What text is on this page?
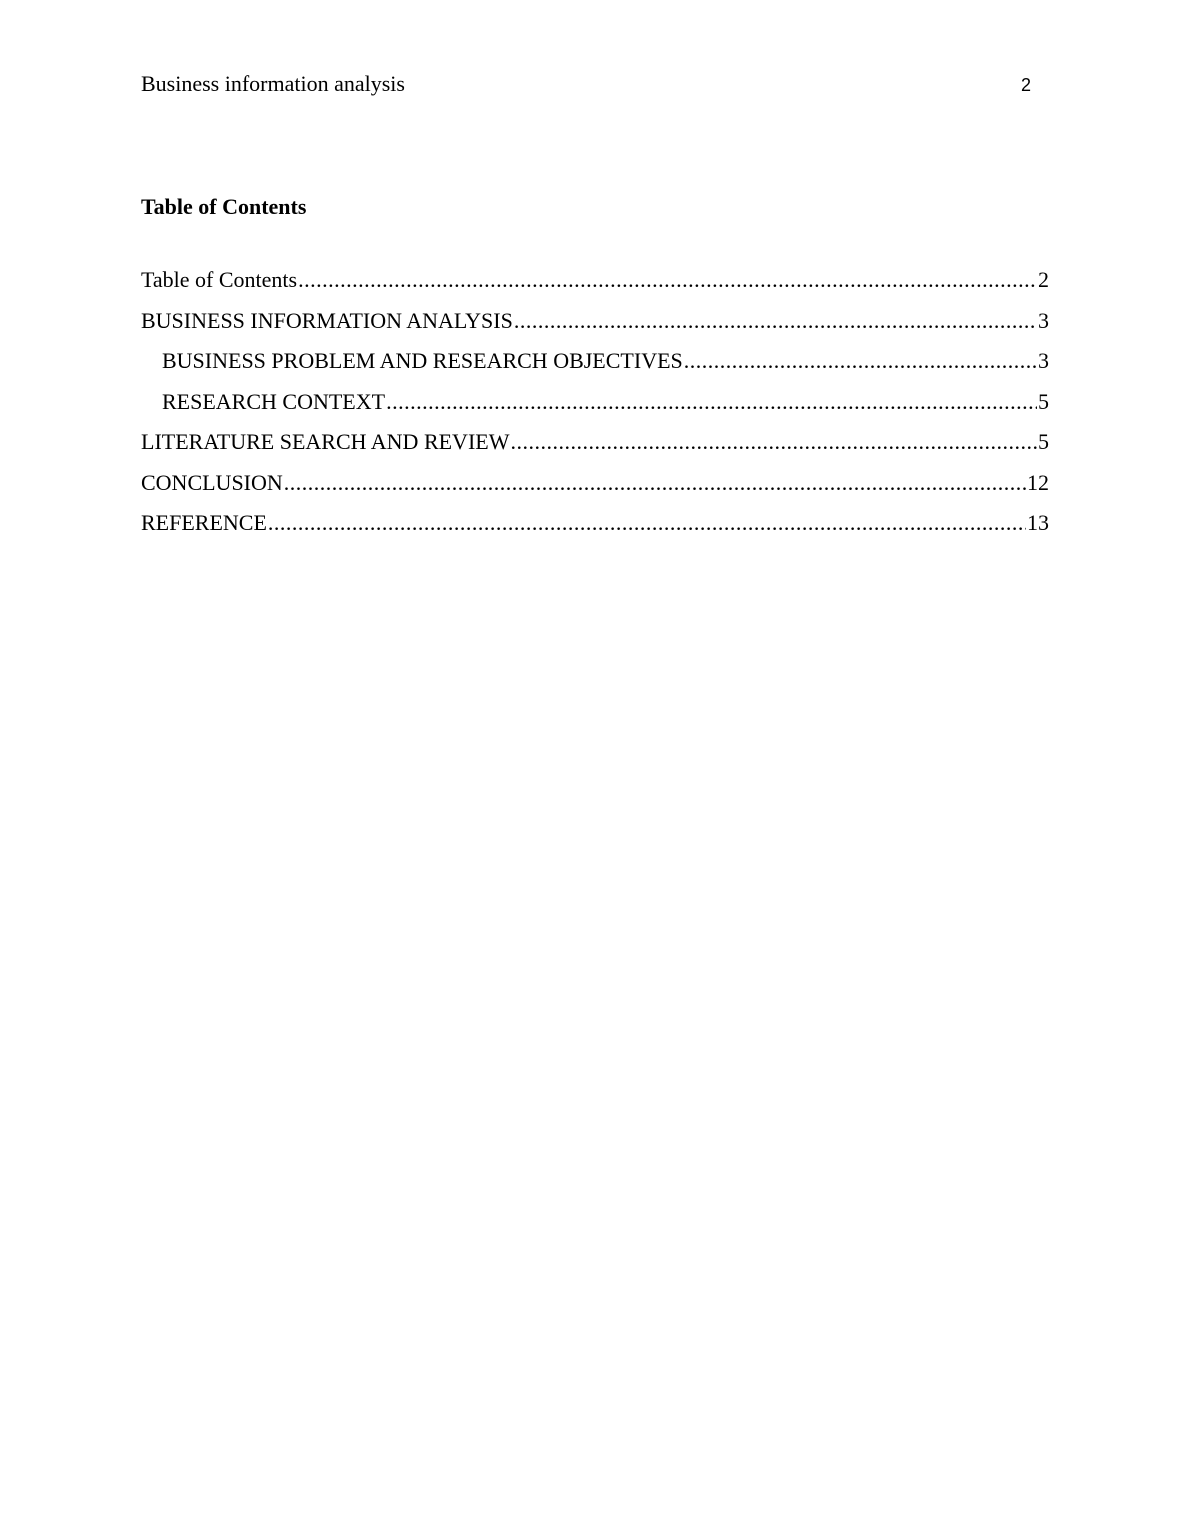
Business information analysis	2
Table of Contents
Table of Contents .....	2
BUSINESS INFORMATION ANALYSIS .....	3
BUSINESS PROBLEM AND RESEARCH OBJECTIVES .....	3
RESEARCH CONTEXT .....	5
LITERATURE SEARCH AND REVIEW .....	5
CONCLUSION .....	12
REFERENCE .....	13
